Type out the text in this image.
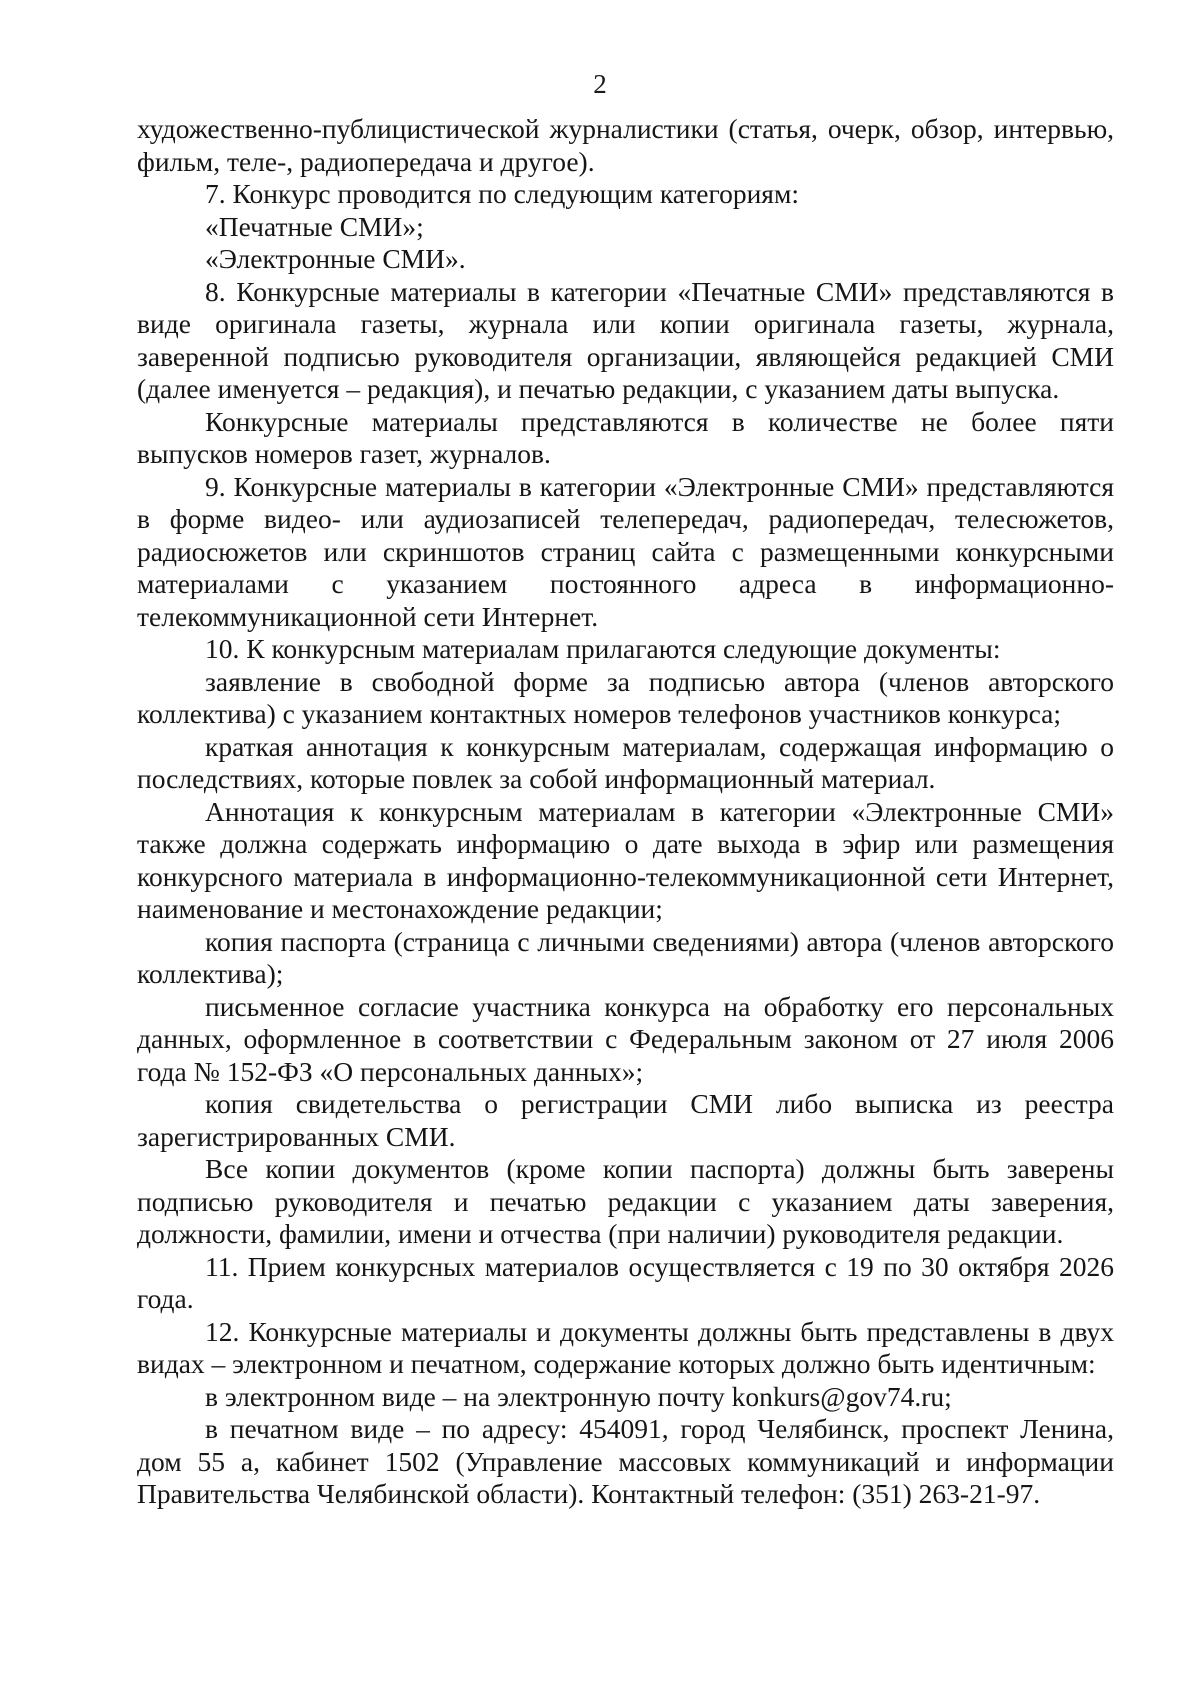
2

художественно-публицистической журналистики (статья, очерк, обзор, интервью, фильм, теле-, радиопередача и другое).

7. Конкурс проводится по следующим категориям:

«Печатные СМИ»;

«Электронные СМИ».

8. Конкурсные материалы в категории «Печатные СМИ» представляются в виде оригинала газеты, журнала или копии оригинала газеты, журнала, заверенной подписью руководителя организации, являющейся редакцией СМИ (далее именуется – редакция), и печатью редакции, с указанием даты выпуска.

Конкурсные материалы представляются в количестве не более пяти выпусков номеров газет, журналов.

9. Конкурсные материалы в категории «Электронные СМИ» представляются в форме видео- или аудиозаписей телепередач, радиопередач, телесюжетов, радиосюжетов или скриншотов страниц сайта с размещенными конкурсными материалами с указанием постоянного адреса в информационно-телекоммуникационной сети Интернет.

10. К конкурсным материалам прилагаются следующие документы:

заявление в свободной форме за подписью автора (членов авторского коллектива) с указанием контактных номеров телефонов участников конкурса;

краткая аннотация к конкурсным материалам, содержащая информацию о последствиях, которые повлек за собой информационный материал.

Аннотация к конкурсным материалам в категории «Электронные СМИ» также должна содержать информацию о дате выхода в эфир или размещения конкурсного материала в информационно-телекоммуникационной сети Интернет, наименование и местонахождение редакции;

копия паспорта (страница с личными сведениями) автора (членов авторского коллектива);

письменное согласие участника конкурса на обработку его персональных данных, оформленное в соответствии с Федеральным законом от 27 июля 2006 года № 152-ФЗ «О персональных данных»;

копия свидетельства о регистрации СМИ либо выписка из реестра зарегистрированных СМИ.

Все копии документов (кроме копии паспорта) должны быть заверены подписью руководителя и печатью редакции с указанием даты заверения, должности, фамилии, имени и отчества (при наличии) руководителя редакции.

11. Прием конкурсных материалов осуществляется с 19 по 30 октября 2026 года.

12. Конкурсные материалы и документы должны быть представлены в двух видах – электронном и печатном, содержание которых должно быть идентичным:

в электронном виде – на электронную почту konkurs@gov74.ru;

в печатном виде – по адресу: 454091, город Челябинск, проспект Ленина, дом 55 а, кабинет 1502 (Управление массовых коммуникаций и информации Правительства Челябинской области). Контактный телефон: (351) 263-21-97.
